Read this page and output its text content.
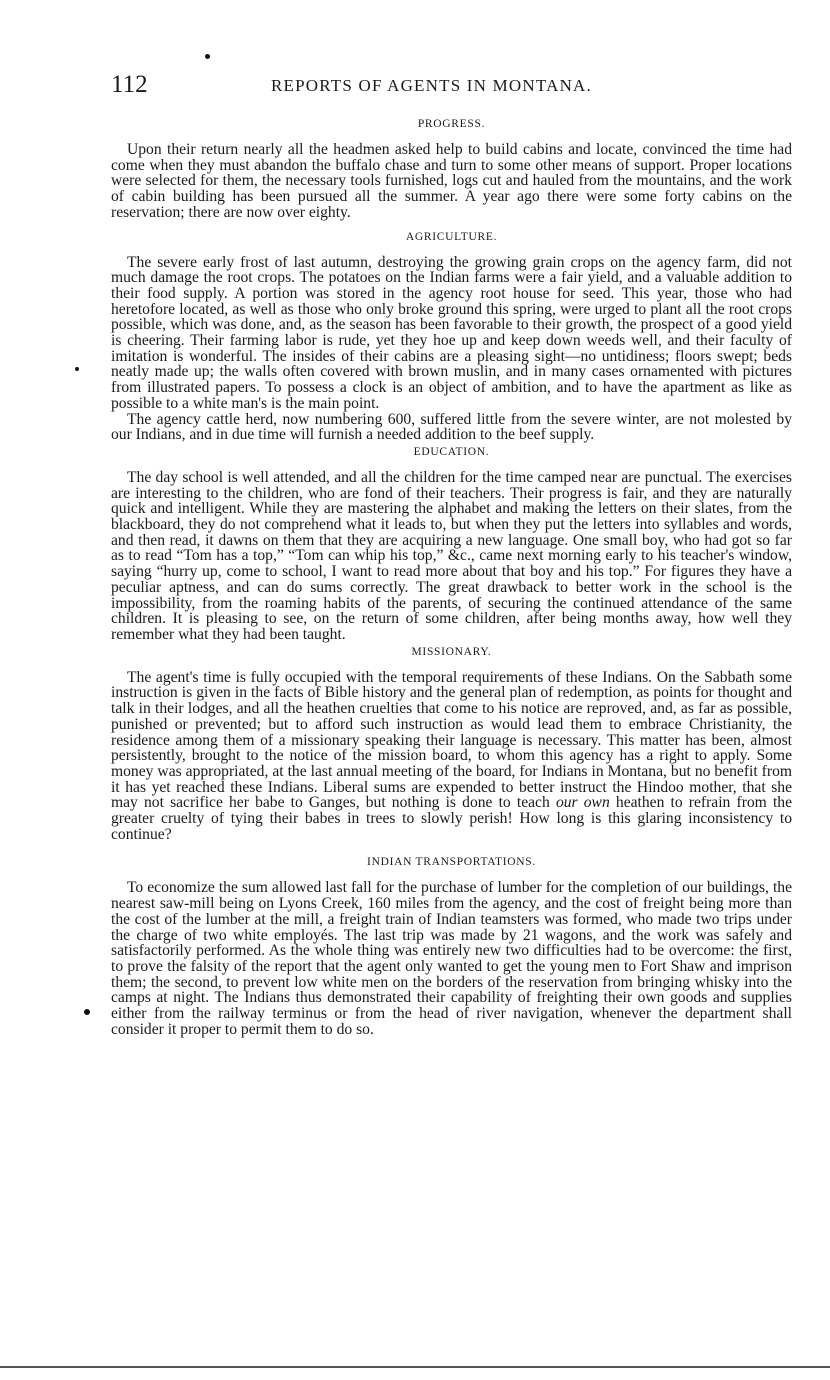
112	REPORTS OF AGENTS IN MONTANA.
PROGRESS.

Upon their return nearly all the headmen asked help to build cabins and locate, convinced the time had come when they must abandon the buffalo chase and turn to some other means of support. Proper locations were selected for them, the necessary tools furnished, logs cut and hauled from the mountains, and the work of cabin building has been pursued all the summer. A year ago there were some forty cabins on the reservation; there are now over eighty.

AGRICULTURE.

The severe early frost of last autumn, destroying the growing grain crops on the agency farm, did not much damage the root crops. The potatoes on the Indian farms were a fair yield, and a valuable addition to their food supply. A portion was stored in the agency root house for seed. This year, those who had heretofore located, as well as those who only broke ground this spring, were urged to plant all the root crops possible, which was done, and, as the season has been favorable to their growth, the prospect of a good yield is cheering. Their farming labor is rude, yet they hoe up and keep down weeds well, and their faculty of imitation is wonderful. The insides of their cabins are a pleasing sight—no untidiness; floors swept; beds neatly made up; the walls often covered with brown muslin, and in many cases ornamented with pictures from illustrated papers. To possess a clock is an object of ambition, and to have the apartment as like as possible to a white man's is the main point.

The agency cattle herd, now numbering 600, suffered little from the severe winter, are not molested by our Indians, and in due time will furnish a needed addition to the beef supply.

EDUCATION.

The day school is well attended, and all the children for the time camped near are punctual. The exercises are interesting to the children, who are fond of their teachers. Their progress is fair, and they are naturally quick and intelligent. While they are mastering the alphabet and making the letters on their slates, from the blackboard, they do not comprehend what it leads to, but when they put the letters into syllables and words, and then read, it dawns on them that they are acquiring a new language. One small boy, who had got so far as to read “Tom has a top,” “Tom can whip his top,” &c., came next morning early to his teacher's window, saying “hurry up, come to school, I want to read more about that boy and his top.” For figures they have a peculiar aptness, and can do sums correctly. The great drawback to better work in the school is the impossibility, from the roaming habits of the parents, of securing the continued attendance of the same children. It is pleasing to see, on the return of some children, after being months away, how well they remember what they had been taught.

MISSIONARY.

The agent's time is fully occupied with the temporal requirements of these Indians. On the Sabbath some instruction is given in the facts of Bible history and the general plan of redemption, as points for thought and talk in their lodges, and all the heathen cruelties that come to his notice are reproved, and, as far as possible, punished or prevented; but to afford such instruction as would lead them to embrace Christianity, the residence among them of a missionary speaking their language is necessary. This matter has been, almost persistently, brought to the notice of the mission board, to whom this agency has a right to apply. Some money was appropriated, at the last annual meeting of the board, for Indians in Montana, but no benefit from it has yet reached these Indians. Liberal sums are expended to better instruct the Hindoo mother, that she may not sacrifice her babe to Ganges, but nothing is done to teach our own heathen to refrain from the greater cruelty of tying their babes in trees to slowly perish! How long is this glaring inconsistency to continue?

INDIAN TRANSPORTATIONS.

To economize the sum allowed last fall for the purchase of lumber for the completion of our buildings, the nearest saw-mill being on Lyons Creek, 160 miles from the agency, and the cost of freight being more than the cost of the lumber at the mill, a freight train of Indian teamsters was formed, who made two trips under the charge of two white employés. The last trip was made by 21 wagons, and the work was safely and satisfactorily performed. As the whole thing was entirely new two difficulties had to be overcome: the first, to prove the falsity of the report that the agent only wanted to get the young men to Fort Shaw and imprison them; the second, to prevent low white men on the borders of the reservation from bringing whisky into the camps at night. The Indians thus demonstrated their capability of freighting their own goods and supplies either from the railway terminus or from the head of river navigation, whenever the department shall consider it proper to permit them to do so.
